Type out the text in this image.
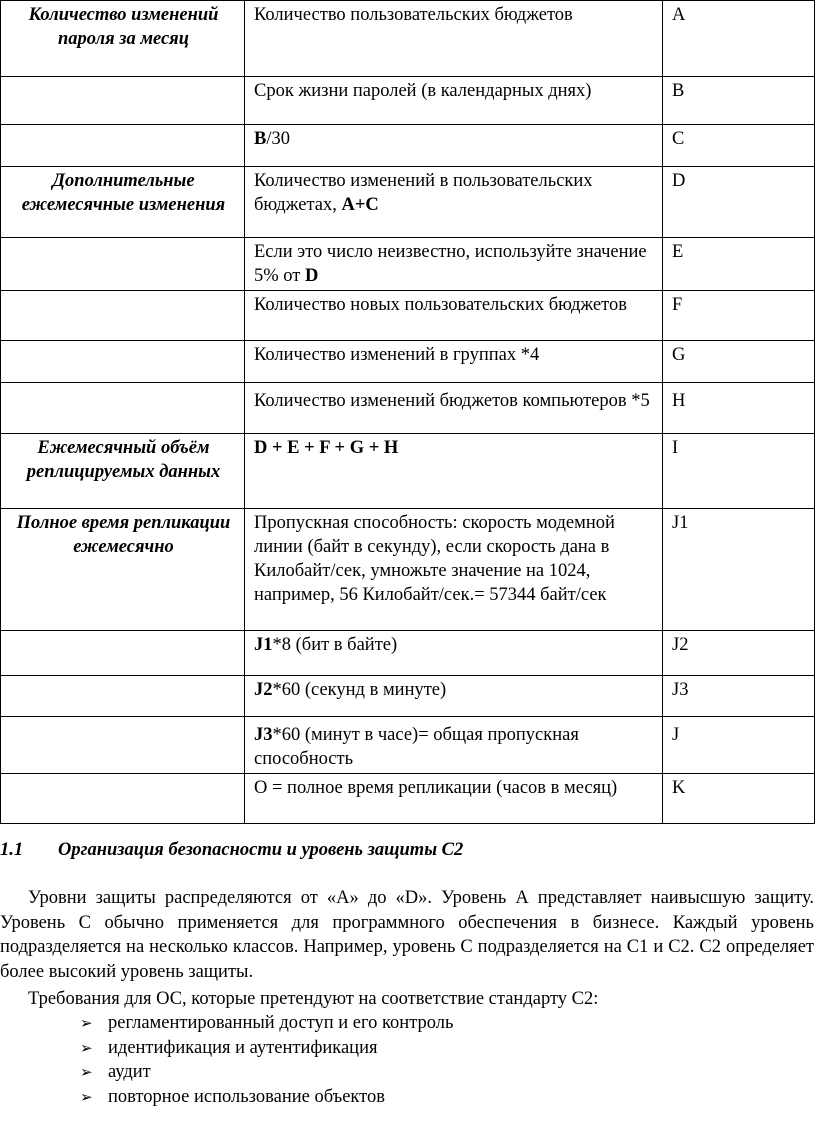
Количество изменений пароля за месяц	Количество пользовательских бюджетов	A
	Срок жизни паролей (в календарных днях)	B
	B/30	C
Дополнительные ежемесячные изменения	Количество изменений в пользовательских бюджетах, A+C	D
	Если это число неизвестно, используйте значение 5% от D	E
	Количество новых пользовательских бюджетов	F
	Количество изменений в группах *4	G
	Количество изменений бюджетов компьютеров *5	H
Ежемесячный объём реплицируемых данных	D + E + F + G + H	I
Полное время репликации ежемесячно	Пропускная способность: скорость модемной линии (байт в секунду), если скорость дана в Килобайт/сек, умножьте значение на 1024, например, 56 Килобайт/сек.= 57344 байт/сек	J1
	J1*8 (бит в байте)	J2
	J2*60 (секунд в минуте)	J3
	J3*60 (минут в часе)= общая пропускная способность	J
	O = полное время репликации (часов в месяц)	K
1.1 Организация безопасности и уровень защиты С2

Уровни защиты распределяются от «А» до «D». Уровень А представляет наивысшую защиту. Уровень С обычно применяется для программного обеспечения в бизнесе. Каждый уровень подразделяется на несколько классов. Например, уровень С подразделяется на С1 и С2. С2 определяет более высокий уровень защиты.

Требования для ОС, которые претендуют на соответствие стандарту С2:

➢ регламентированный доступ и его контроль
➢ идентификация и аутентификация
➢ аудит
➢ повторное использование объектов
